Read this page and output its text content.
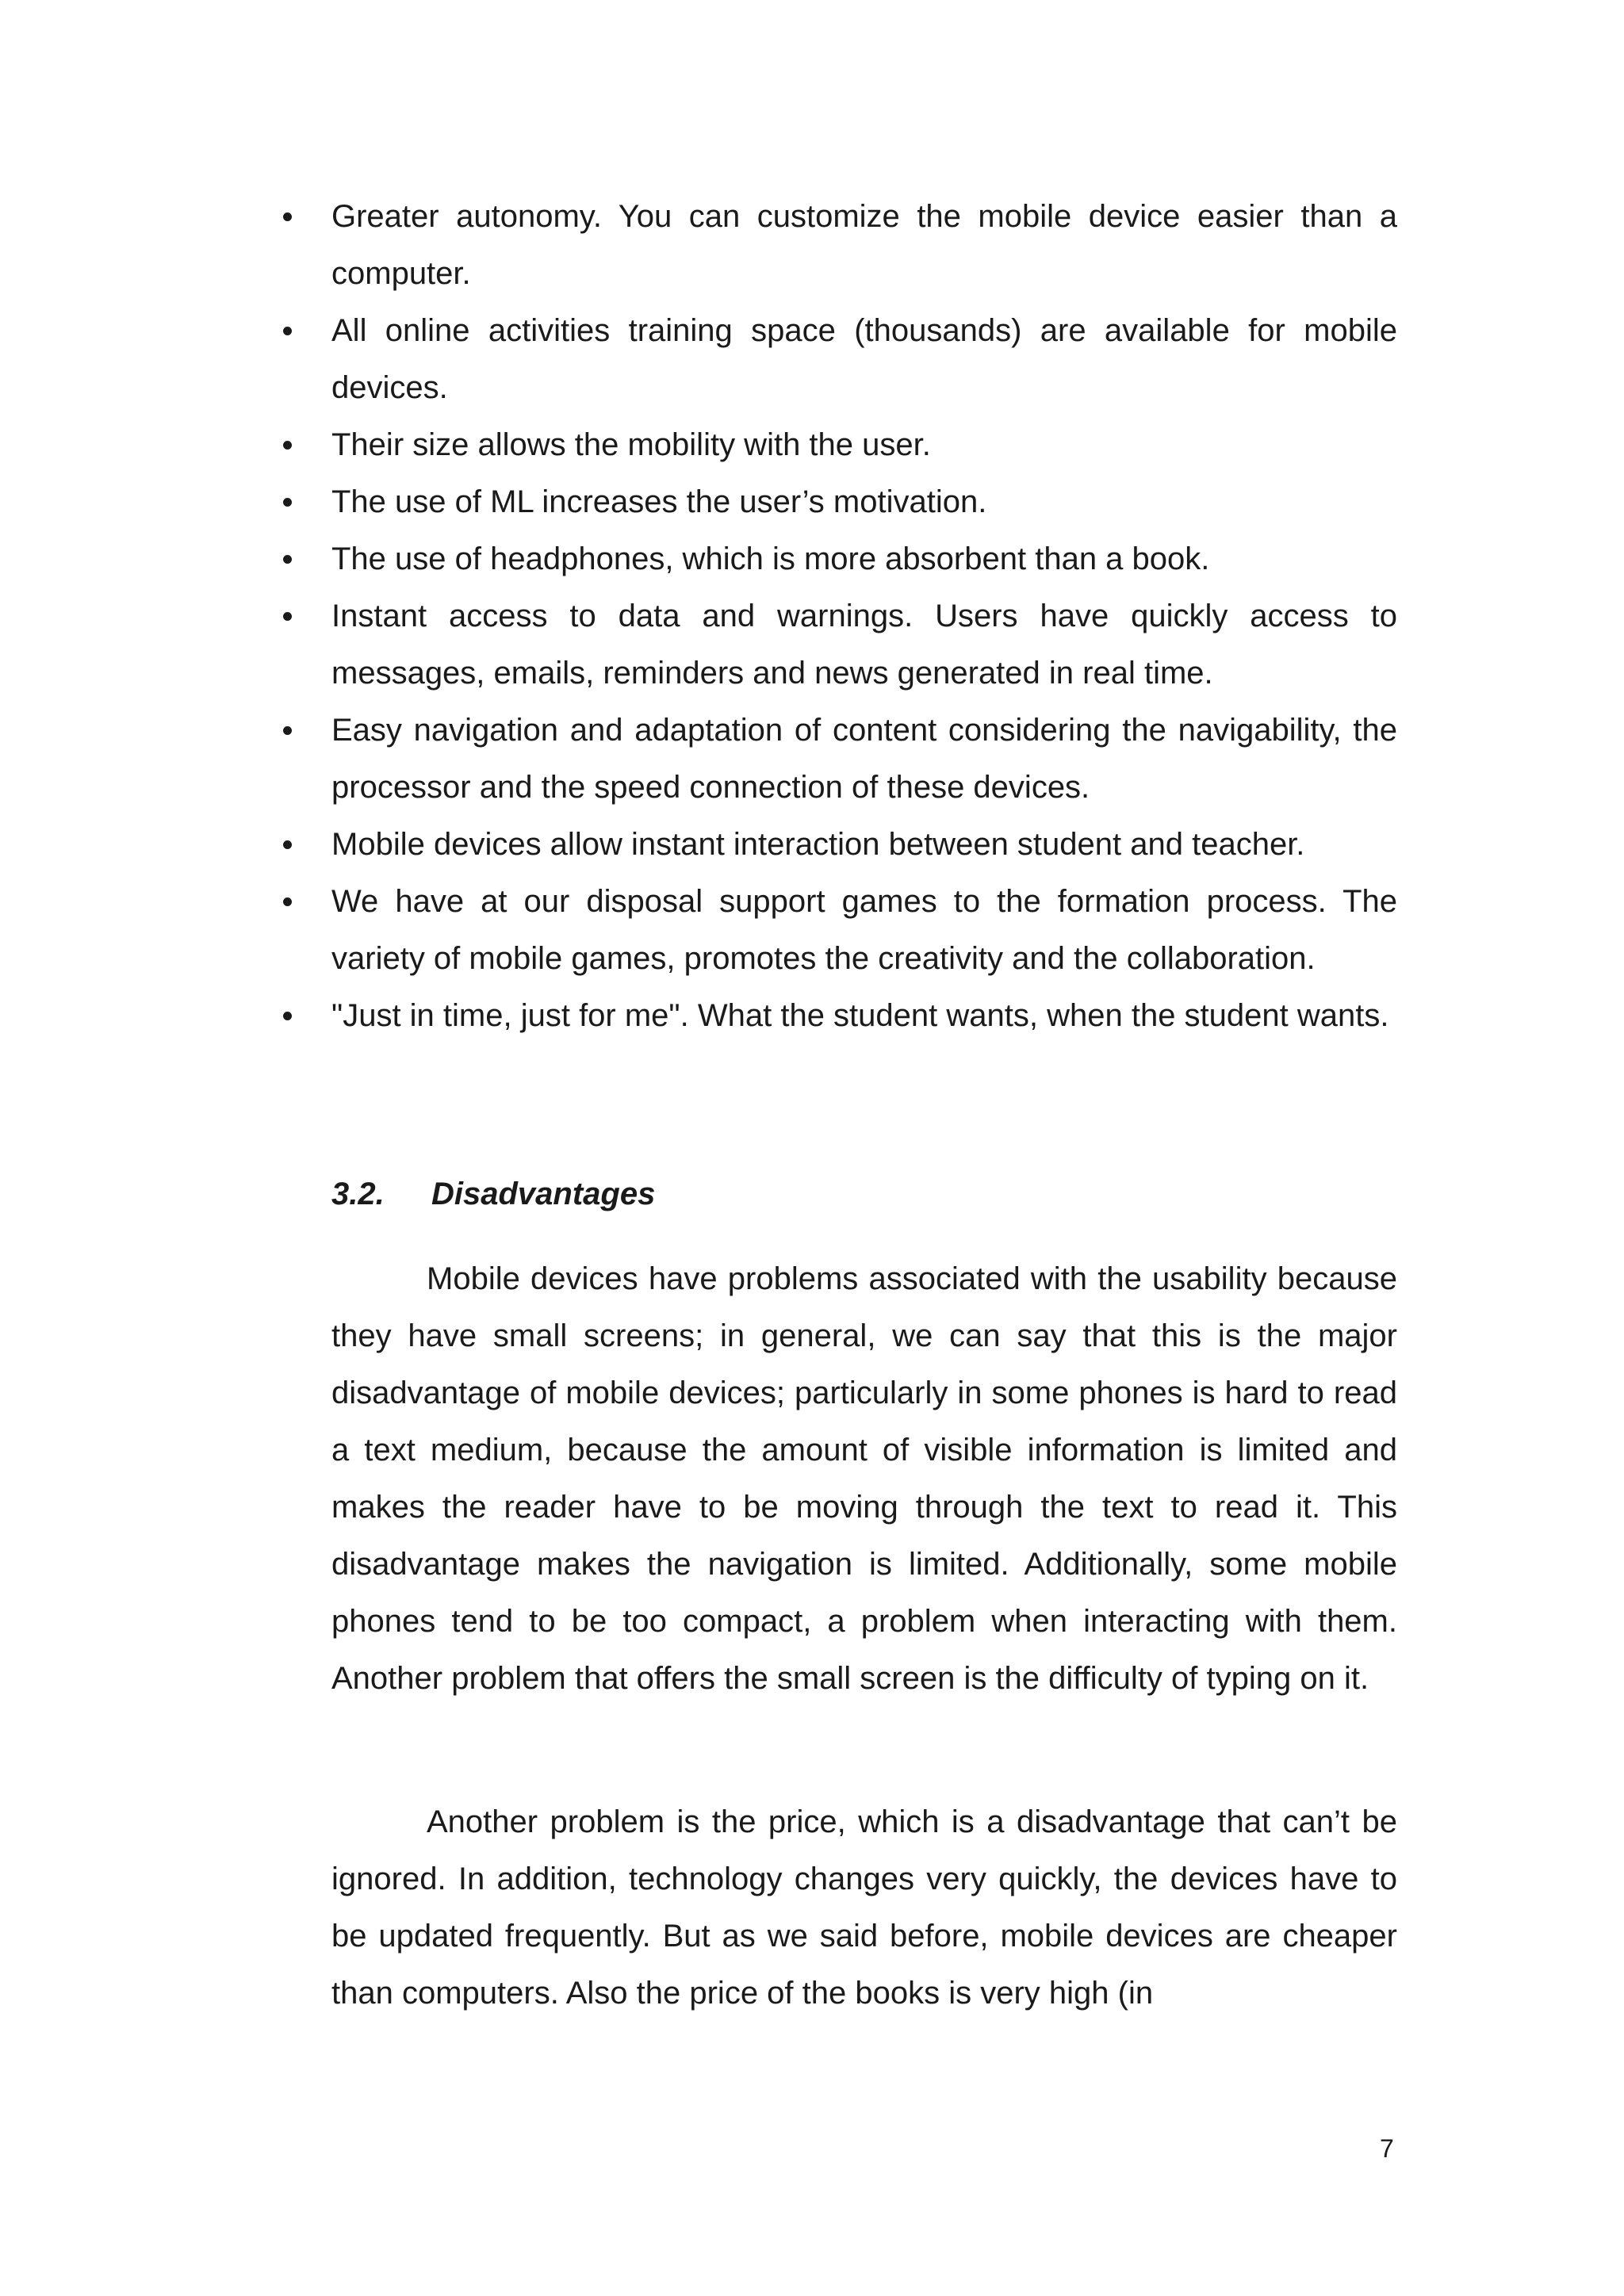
Greater autonomy. You can customize the mobile device easier than a computer.
All online activities training space (thousands) are available for mobile devices.
Their size allows the mobility with the user.
The use of ML increases the user’s motivation.
The use of headphones, which is more absorbent than a book.
Instant access to data and warnings. Users have quickly access to messages, emails, reminders and news generated in real time.
Easy navigation and adaptation of content considering the navigability, the processor and the speed connection of these devices.
Mobile devices allow instant interaction between student and teacher.
We have at our disposal support games to the formation process. The variety of mobile games, promotes the creativity and the collaboration.
"Just in time, just for me". What the student wants, when the student wants.
3.2. Disadvantages

Mobile devices have problems associated with the usability because they have small screens; in general, we can say that this is the major disadvantage of mobile devices; particularly in some phones is hard to read a text medium, because the amount of visible information is limited and makes the reader have to be moving through the text to read it. This disadvantage makes the navigation is limited. Additionally, some mobile phones tend to be too compact, a problem when interacting with them. Another problem that offers the small screen is the difficulty of typing on it.

Another problem is the price, which is a disadvantage that can’t be ignored. In addition, technology changes very quickly, the devices have to be updated frequently. But as we said before, mobile devices are cheaper than computers. Also the price of the books is very high (in

7
